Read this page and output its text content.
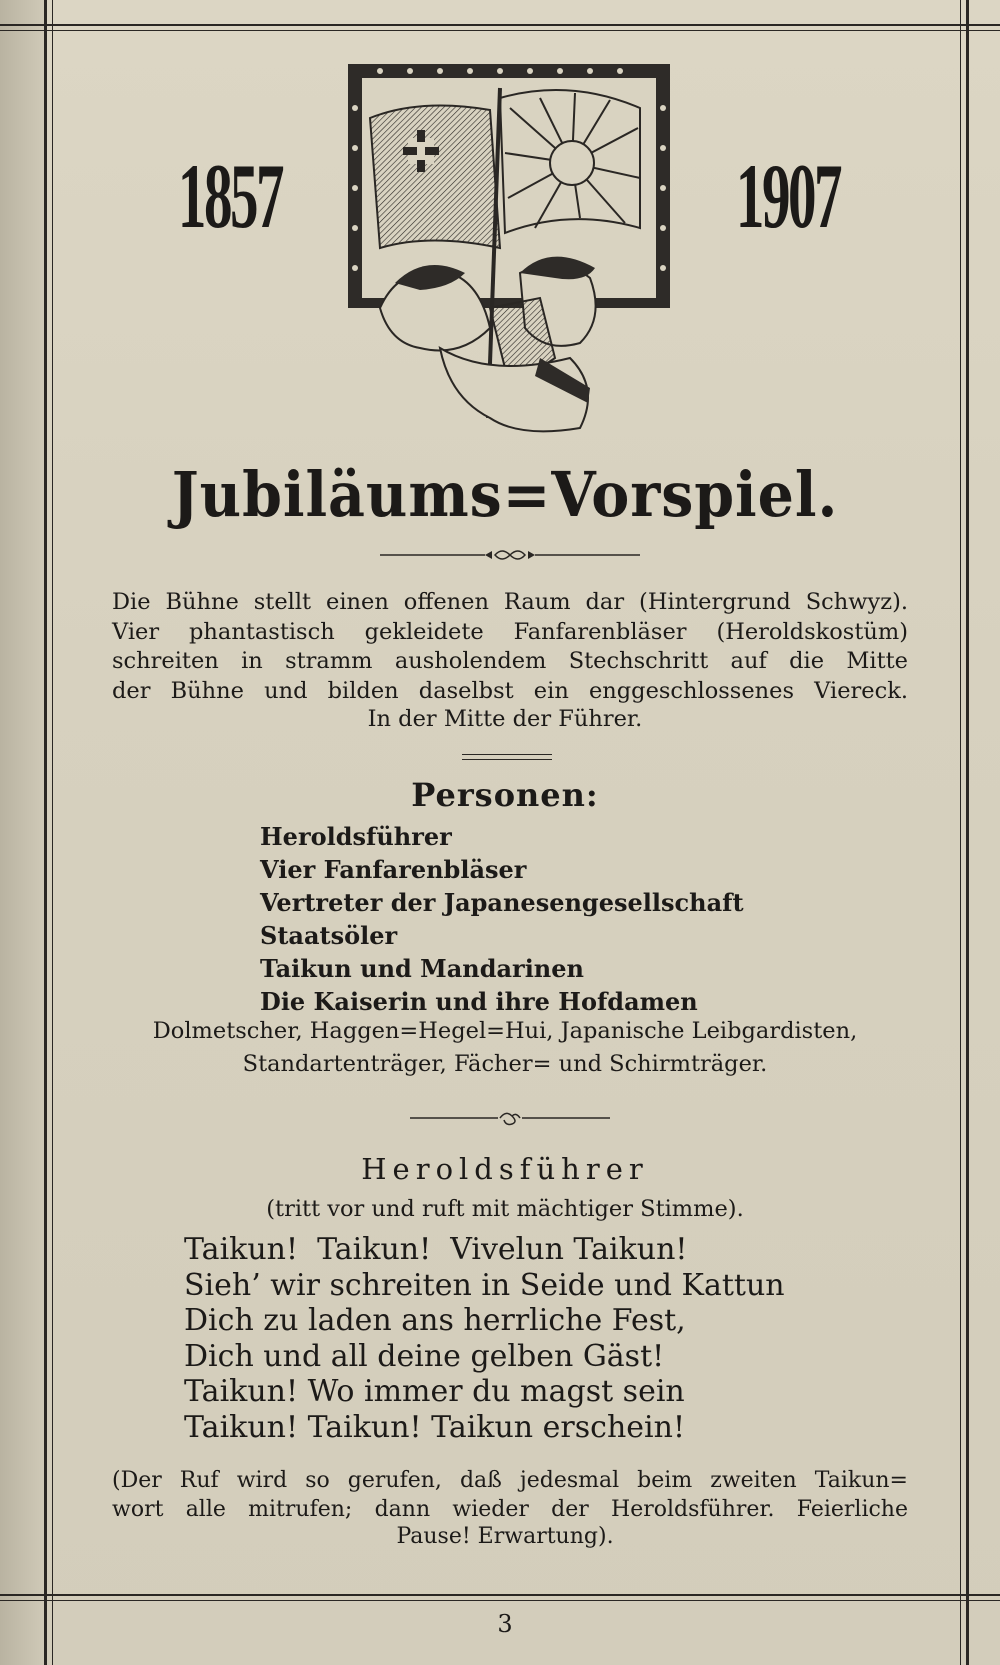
1857	1907
Jubiläums=Vorspiel.
Die Bühne stellt einen offenen Raum dar (Hintergrund Schwyz).
Vier phantastisch gekleidete Fanfarenbläser (Heroldskostüm)
schreiten in stramm ausholendem Stechschritt auf die Mitte
der Bühne und bilden daselbst ein enggeschlossenes Viereck.
In der Mitte der Führer.
Personen:
Heroldsführer
Vier Fanfarenbläser
Vertreter der Japanesengesellschaft
Staatsöler
Taikun und Mandarinen
Die Kaiserin und ihre Hofdamen
Dolmetscher, Haggen=Hegel=Hui, Japanische Leibgardisten,
Standartenträger, Fächer= und Schirmträger.
Heroldsführer
(tritt vor und ruft mit mächtiger Stimme).
Taikun!  Taikun!  Vivelun Taikun!
Sieh’ wir schreiten in Seide und Kattun
Dich zu laden ans herrliche Fest,
Dich und all deine gelben Gäst!
Taikun! Wo immer du magst sein
Taikun! Taikun! Taikun erschein!
(Der Ruf wird so gerufen, daß jedesmal beim zweiten Taikun=
wort alle mitrufen; dann wieder der Heroldsführer. Feierliche
Pause! Erwartung).
3
